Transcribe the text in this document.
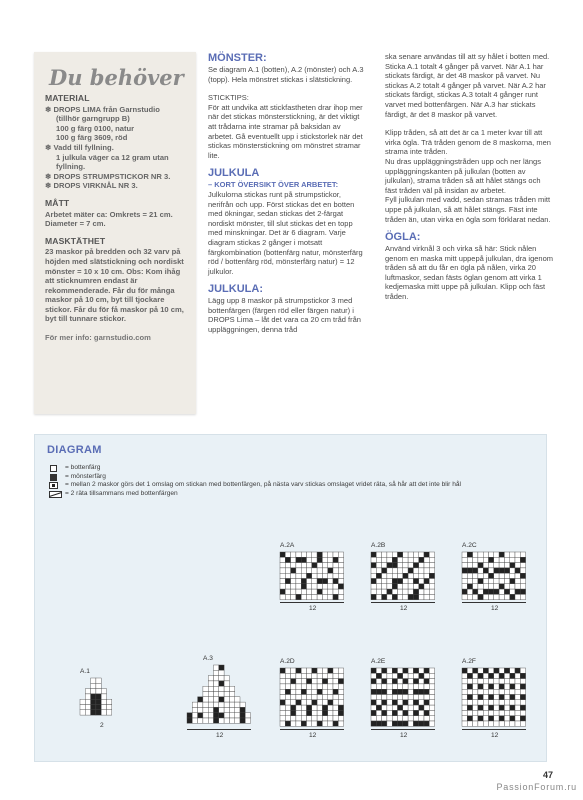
Du behöver
MATERIAL
❄ DROPS LIMA från Garnstudio
(tillhör garngrupp B)
100 g färg 0100, natur
100 g färg 3609, röd
❄ Vadd till fyllning.
1 julkula väger ca 12 gram utan
fyllning.
❄ DROPS STRUMPSTICKOR NR 3.
❄ DROPS VIRKNÅL NR 3.
MÅTT
Arbetet mäter ca: Omkrets = 21 cm. Diameter = 7 cm.
MASKTÄTHET
23 maskor på bredden och 32 varv på höjden med slätstickning och nordiskt mönster = 10 x 10 cm. Obs: Kom ihåg att sticknumren endast är rekommenderade. Får du för många maskor på 10 cm, byt till tjockare stickor. Får du för få maskor på 10 cm, byt till tunnare stickor.
För mer info: garnstudio.com
MÖNSTER:

Se diagram A.1 (botten), A.2 (mönster) och A.3 (topp). Hela mönstret stickas i slätstickning.

STICKTIPS:

För att undvika att stickfastheten drar ihop mer när det stickas mönsterstickning, är det viktigt att trådarna inte stramar på baksidan av arbetet. Gå eventuellt upp i stickstorlek när det stickas mönsterstickning om mönstret stramar lite.

JULKULA

– KORT ÖVERSIKT ÖVER ARBETET:

Julkulorna stickas runt på strumpstickor, nerifrån och upp. Först stickas det en botten med ökningar, sedan stickas det 2-färgat nordiskt mönster, till slut stickas det en topp med minskningar. Det är 6 diagram. Varje diagram stickas 2 gånger i motsatt färgkombination (bottenfärg natur, mönsterfärg röd / bottenfärg röd, mönsterfärg natur) = 12 julkulor.

JULKULA:

Lägg upp 8 maskor på strumpstickor 3 med bottenfärgen (färgen röd eller färgen natur) i DROPS Lima – låt det vara ca 20 cm tråd från uppläggningen, denna tråd

ska senare användas till att sy hålet i botten med.

Sticka A.1 totalt 4 gånger på varvet. När A.1 har stickats färdigt, är det 48 maskor på varvet. Nu stickas A.2 totalt 4 gånger på varvet. När A.2 har stickats färdigt, stickas A.3 totalt 4 gånger runt varvet med bottenfärgen. När A.3 har stickats färdigt, är det 8 maskor på varvet.

Klipp tråden, så att det är ca 1 meter kvar till att virka ögla. Trä tråden genom de 8 maskorna, men strama inte tråden.

Nu dras uppläggningstråden upp och ner längs uppläggningskanten på julkulan (botten av julkulan), strama tråden så att hålet stängs och fäst tråden väl på insidan av arbetet.

Fyll julkulan med vadd, sedan stramas tråden mitt uppe på julkulan, så att hålet stängs. Fäst inte tråden än, utan virka en ögla som förklarat nedan.

ÖGLA:

Använd virknål 3 och virka så här: Stick nålen genom en maska mitt uppepå julkulan, dra igenom tråden så att du får en ögla på nålen, virka 20 luftmaskor, sedan fästs öglan genom att virka 1 kedjemaska mitt uppe på julkulan. Klipp och fäst tråden.

DIAGRAM
= bottenfärg
= mönsterfärg
= mellan 2 maskor görs det 1 omslag om stickan med bottenfärgen, på nästa varv stickas omslaget vridet räta, så hår att det inte blir hål
= 2 räta tillsammans med bottenfärgen
A.2A
12
A.2B
12
A.2C
12
A.1
2
A.3
12
A.2D
12
A.2E
12
A.2F
12
47
PassionForum.ru
